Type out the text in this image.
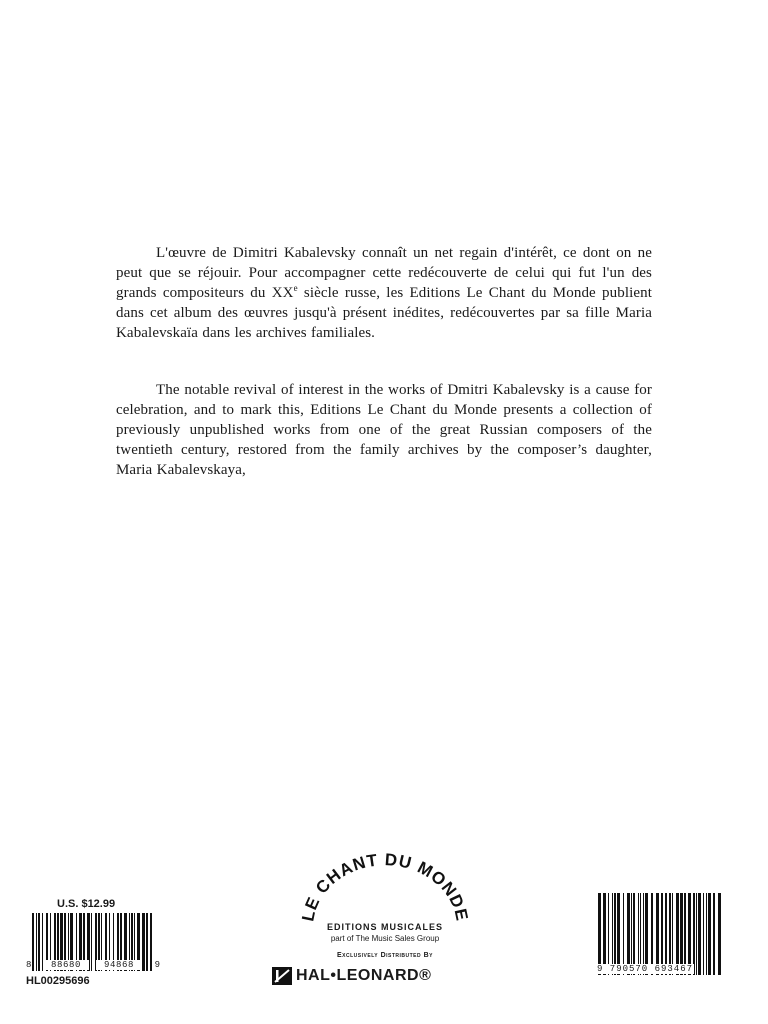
L'œuvre de Dimitri Kabalevsky connaît un net regain d'intérêt, ce dont on ne peut que se réjouir. Pour accompagner cette redécouverte de celui qui fut l'un des grands compositeurs du XXe siècle russe, les Editions Le Chant du Monde publient dans cet album des œuvres jusqu'à présent inédites, redécouvertes par sa fille Maria Kabalevskaïa dans les archives familiales.

The notable revival of interest in the works of Dmitri Kabalevsky is a cause for celebration, and to mark this, Editions Le Chant du Monde presents a collection of previously unpublished works from one of the great Russian composers of the twentieth century, restored from the family archives by the composer’s daughter, Maria Kabalevskaya,

U.S. $12.99
8	88680	94868	9
HL00295696
LE CHANT DU MONDE
EDITIONS MUSICALES
part of The Music Sales Group
Exclusively Distributed By
HAL•LEONARD®	9 790570 693467
